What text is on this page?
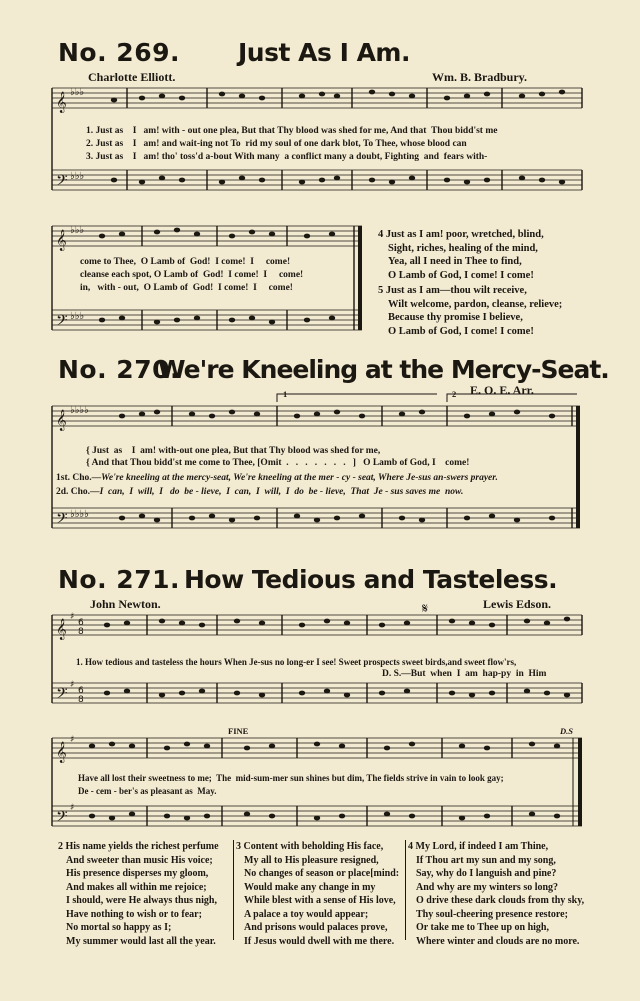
No. 269. Just As I Am.
Charlotte Elliott.	Wm. B. Bradbury.
𝄞
𝄢
♭♭♭
♭♭♭
1. Just as    I   am! with - out one plea, But that Thy blood was shed for me, And that  Thou bidd'st me
2. Just as    I   am! and wait-ing not To  rid my soul of one dark blot, To Thee, whose blood can
3. Just as    I   am! tho' toss'd a-bout With many  a conflict many a doubt, Fighting  and  fears with-
𝄞
𝄢
♭♭♭
♭♭♭
come to Thee,  O Lamb of  God!  I come!  I     come!
cleanse each spot, O Lamb of  God!  I come!  I     come!
in,   with - out,  O Lamb of  God!  I come!  I     come!
4 Just as I am! poor, wretched, blind,
Sight, riches, healing of the mind,
Yea, all I need in Thee to find,
O Lamb of God, I come! I come!
5 Just as I am—thou wilt receive,
Wilt welcome, pardon, cleanse, relieve;
Because thy promise I believe,
O Lamb of God, I come! I come!
No. 270.
We're Kneeling at the Mercy-Seat.
E. O. E. Arr.
𝄞
𝄢
♭♭♭♭
♭♭♭♭
1	2
{ Just  as    I  am! with-out one plea, But that Thy blood was shed for me,
{ And that Thou bidd'st me come to Thee, [Omit  .   .   .   .   .   .   .   ]   O Lamb of God, I    come!
1st. Cho.—We're kneeling at the mercy-seat, We're kneeling at the mer - cy - seat, Where Je-sus an-swers prayer.
2d. Cho.—I  can,  I  will,  I   do  be - lieve,  I  can,  I  will,  I  do  be - lieve,  That  Je - sus saves me  now.
No. 271. How Tedious and Tasteless.
John Newton.	Lewis Edson.
𝄞
𝄢
♯
♯
6
8
6
8
𝄋
1. How tedious and tasteless the hours When Je-sus no long-er I see! Sweet prospects sweet birds,and sweet flow'rs,
D. S.—But  when  I  am  hap-py  in  Him
𝄞
𝄢
♯
♯
FINE	D.S
Have all lost their sweetness to me;  The  mid-sum-mer sun shines but dim, The fields strive in vain to look gay;
De - cem - ber's as pleasant as  May.
2 His name yields the richest perfume
And sweeter than music His voice;
His presence disperses my gloom,
And makes all within me rejoice;
I should, were He always thus nigh,
Have nothing to wish or to fear;
No mortal so happy as I;
My summer would last all the year.
3 Content with beholding His face,
My all to His pleasure resigned,
No changes of season or place[mind:
Would make any change in my
While blest with a sense of His love,
A palace a toy would appear;
And prisons would palaces prove,
If Jesus would dwell with me there.
4 My Lord, if indeed I am Thine,
If Thou art my sun and my song,
Say, why do I languish and pine?
And why are my winters so long?
O drive these dark clouds from thy sky,
Thy soul-cheering presence restore;
Or take me to Thee up on high,
Where winter and clouds are no more.
